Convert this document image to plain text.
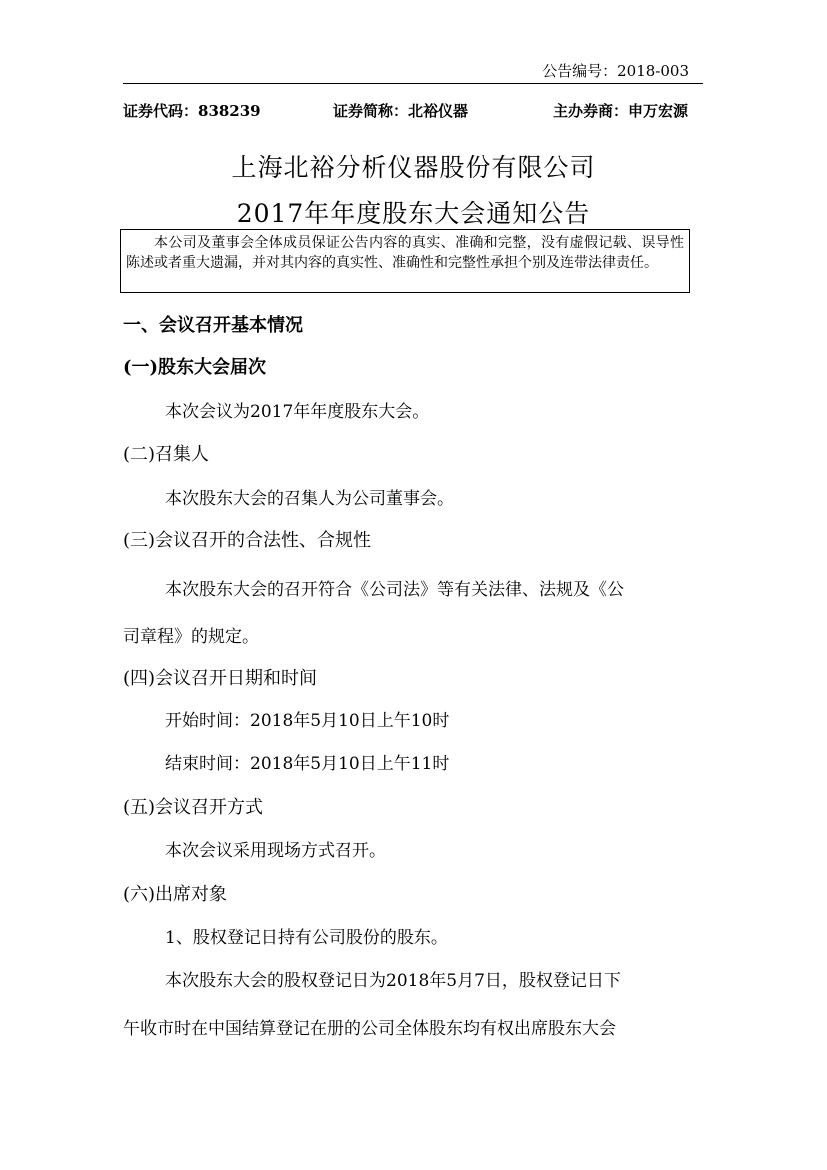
公告编号：2018-003
证券代码：838239	证券简称：北裕仪器	主办券商：申万宏源
上海北裕分析仪器股份有限公司
2017年年度股东大会通知公告
本公司及董事会全体成员保证公告内容的真实、准确和完整，没有虚假记载、误导性陈述或者重大遗漏，并对其内容的真实性、准确性和完整性承担个别及连带法律责任。
一、会议召开基本情况
(一)股东大会届次
本次会议为2017年年度股东大会。
(二)召集人
本次股东大会的召集人为公司董事会。
(三)会议召开的合法性、合规性
本次股东大会的召开符合《公司法》等有关法律、法规及《公
司章程》的规定。
(四)会议召开日期和时间
开始时间：2018年5月10日上午10时
结束时间：2018年5月10日上午11时
(五)会议召开方式
本次会议采用现场方式召开。
(六)出席对象
1、股权登记日持有公司股份的股东。
本次股东大会的股权登记日为2018年5月7日，股权登记日下
午收市时在中国结算登记在册的公司全体股东均有权出席股东大会
